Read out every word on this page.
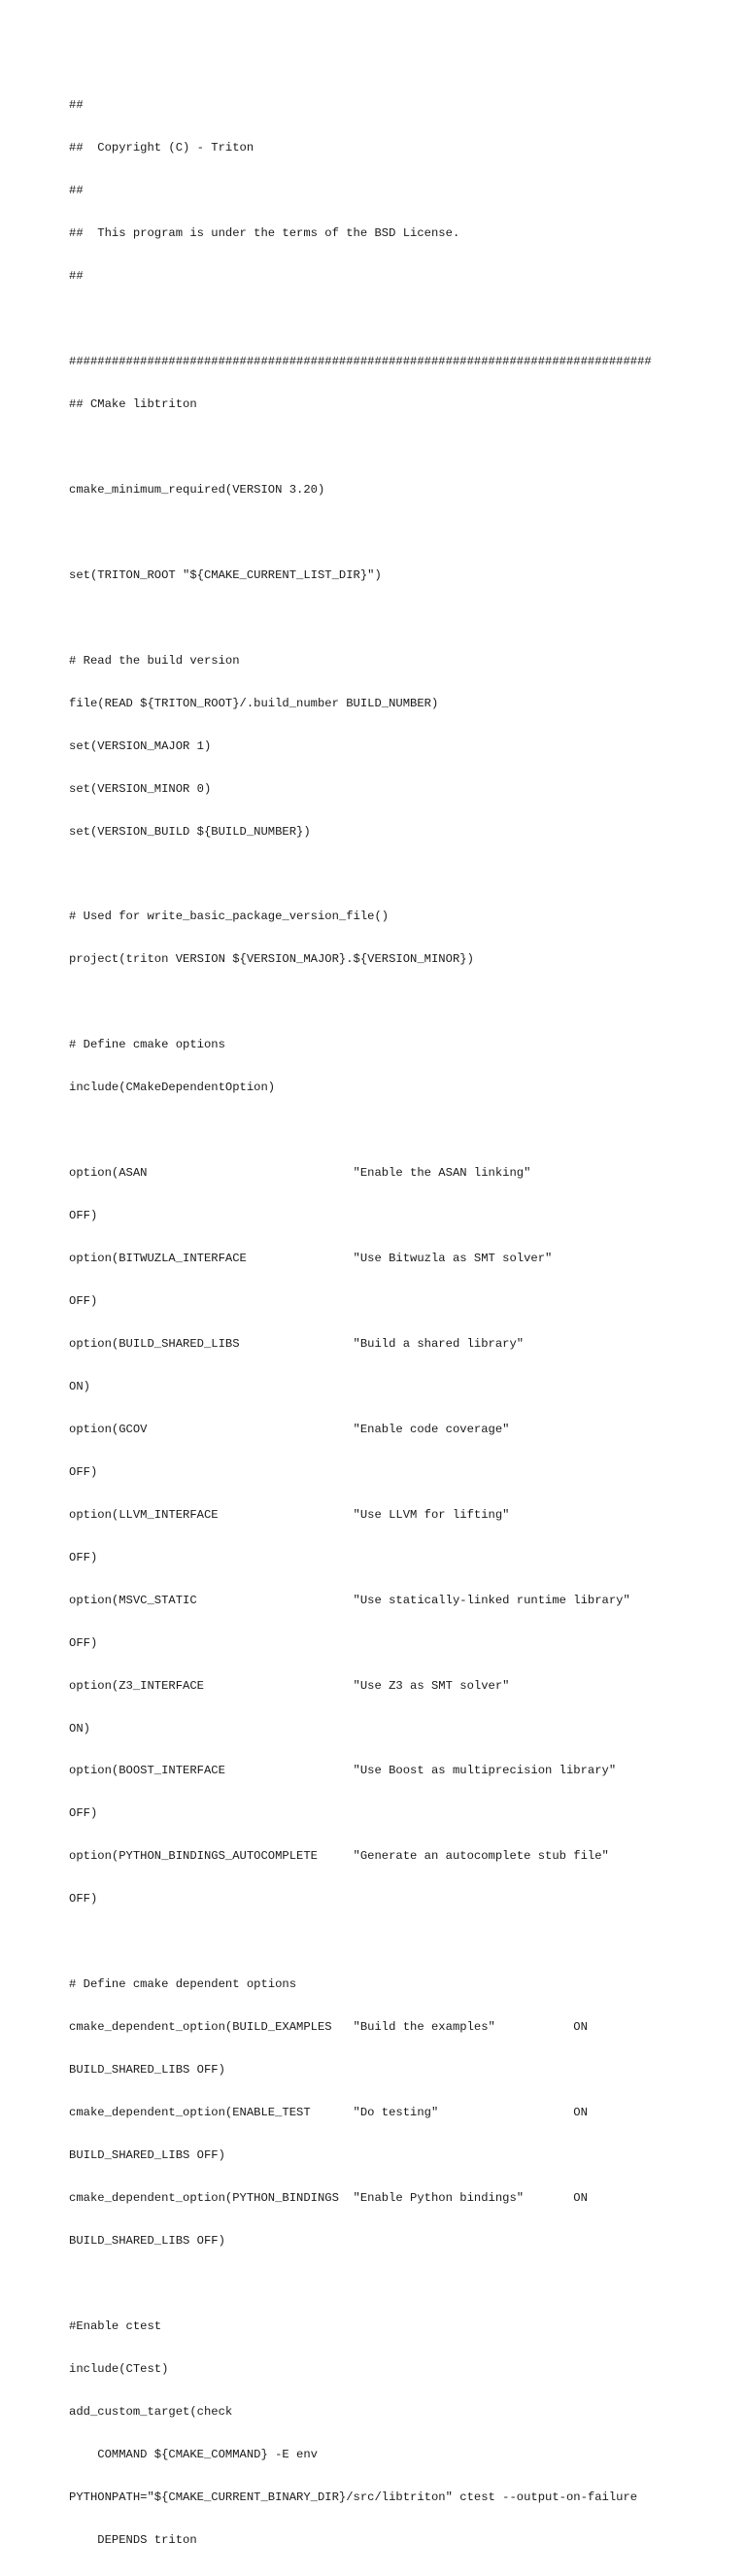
##

##  Copyright (C) - Triton

##

##  This program is under the terms of the BSD License.

##

##################################################################################

## CMake libtriton

cmake_minimum_required(VERSION 3.20)

set(TRITON_ROOT "${CMAKE_CURRENT_LIST_DIR}")

# Read the build version

file(READ ${TRITON_ROOT}/.build_number BUILD_NUMBER)

set(VERSION_MAJOR 1)

set(VERSION_MINOR 0)

set(VERSION_BUILD ${BUILD_NUMBER})

# Used for write_basic_package_version_file()

project(triton VERSION ${VERSION_MAJOR}.${VERSION_MINOR})

# Define cmake options

include(CMakeDependentOption)

option(ASAN                             "Enable the ASAN linking"

OFF)

option(BITWUZLA_INTERFACE               "Use Bitwuzla as SMT solver"

OFF)

option(BUILD_SHARED_LIBS                "Build a shared library"

ON)

option(GCOV                             "Enable code coverage"

OFF)

option(LLVM_INTERFACE                   "Use LLVM for lifting"

OFF)

option(MSVC_STATIC                      "Use statically-linked runtime library"

OFF)

option(Z3_INTERFACE                     "Use Z3 as SMT solver"

ON)

option(BOOST_INTERFACE                  "Use Boost as multiprecision library"

OFF)

option(PYTHON_BINDINGS_AUTOCOMPLETE     "Generate an autocomplete stub file"

OFF)

# Define cmake dependent options

cmake_dependent_option(BUILD_EXAMPLES   "Build the examples"           ON

BUILD_SHARED_LIBS OFF)

cmake_dependent_option(ENABLE_TEST      "Do testing"                   ON

BUILD_SHARED_LIBS OFF)

cmake_dependent_option(PYTHON_BINDINGS  "Enable Python bindings"       ON

BUILD_SHARED_LIBS OFF)

#Enable ctest

include(CTest)

add_custom_target(check

COMMAND ${CMAKE_COMMAND} -E env

PYTHONPATH="${CMAKE_CURRENT_BINARY_DIR}/src/libtriton" ctest --output-on-failure

DEPENDS triton
